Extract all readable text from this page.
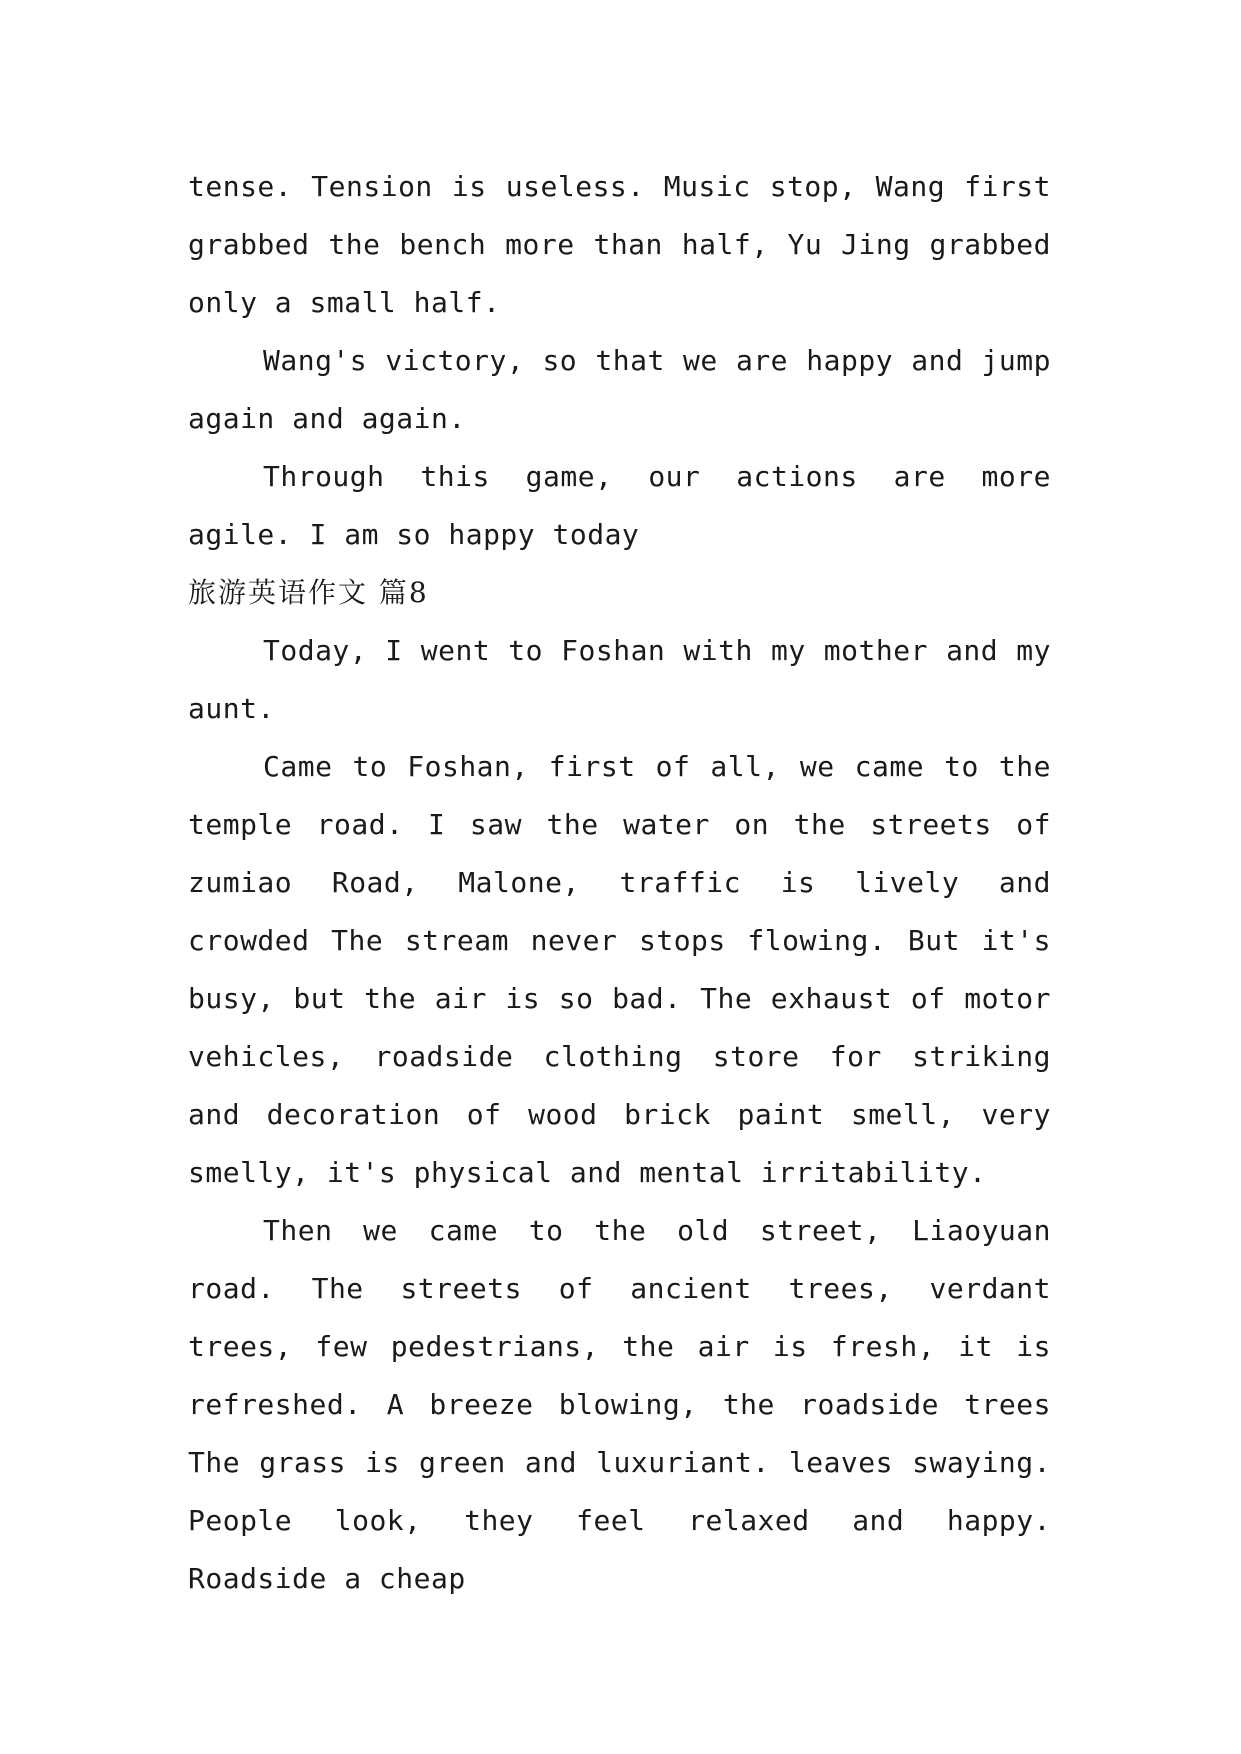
tense. Tension is useless. Music stop, Wang first grabbed the bench more than half, Yu Jing grabbed only a small half.

Wang's victory, so that we are happy and jump again and again.

Through this game, our actions are more agile. I am so happy today

旅游英语作文 篇8

Today, I went to Foshan with my mother and my aunt.

Came to Foshan, first of all, we came to the temple road. I saw the water on the streets of zumiao Road, Malone, traffic is lively and crowded The stream never stops flowing. But it's busy, but the air is so bad. The exhaust of motor vehicles, roadside clothing store for striking and decoration of wood brick paint smell, very smelly, it's physical and mental irritability.

Then we came to the old street, Liaoyuan road. The streets of ancient trees, verdant trees, few pedestrians, the air is fresh, it is refreshed. A breeze blowing, the roadside trees The grass is green and luxuriant. leaves swaying. People look, they feel relaxed and happy. Roadside a cheap
